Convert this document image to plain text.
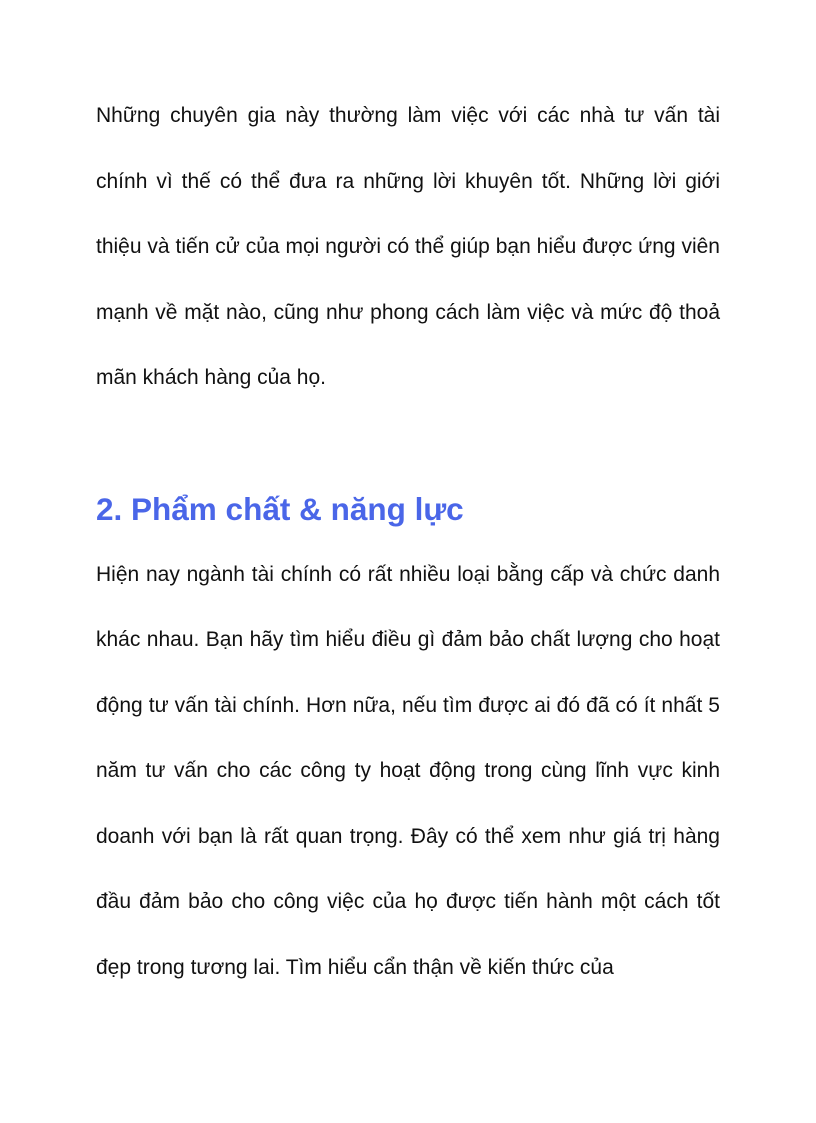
Những chuyên gia này thường làm việc với các nhà tư vấn tài chính vì thế có thể đưa ra những lời khuyên tốt. Những lời giới thiệu và tiến cử của mọi người có thể giúp bạn hiểu được ứng viên mạnh về mặt nào, cũng như phong cách làm việc và mức độ thoả mãn khách hàng của họ.

2. Phẩm chất & năng lực

Hiện nay ngành tài chính có rất nhiều loại bằng cấp và chức danh khác nhau. Bạn hãy tìm hiểu điều gì đảm bảo chất lượng cho hoạt động tư vấn tài chính. Hơn nữa, nếu tìm được ai đó đã có ít nhất 5 năm tư vấn cho các công ty hoạt động trong cùng lĩnh vực kinh doanh với bạn là rất quan trọng. Đây có thể xem như giá trị hàng đầu đảm bảo cho công việc của họ được tiến hành một cách tốt đẹp trong tương lai. Tìm hiểu cẩn thận về kiến thức của
